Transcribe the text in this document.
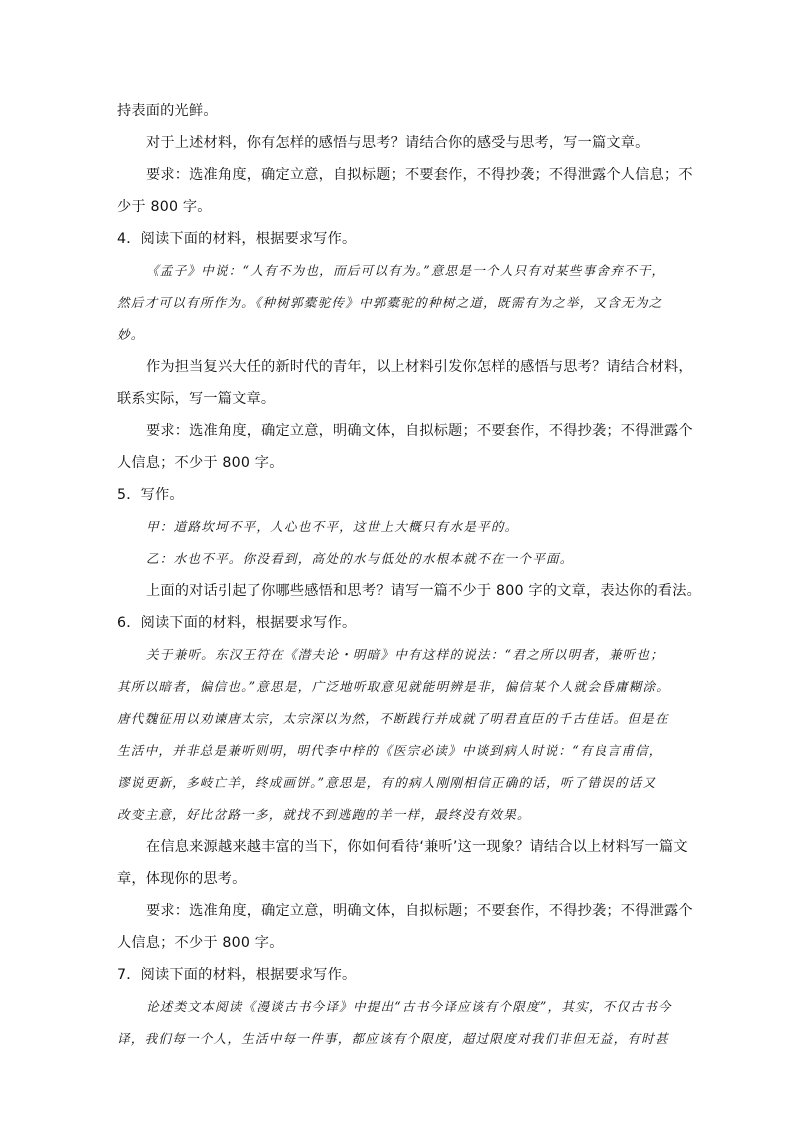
持表面的光鲜。
对于上述材料，你有怎样的感悟与思考？请结合你的感受与思考，写一篇文章。
要求：选准角度，确定立意，自拟标题；不要套作，不得抄袭；不得泄露个人信息；不
少于 800 字。
4．阅读下面的材料，根据要求写作。
《孟子》中说：“人有不为也，而后可以有为。”意思是一个人只有对某些事舍弃不干，
然后才可以有所作为。《种树郭橐驼传》中郭橐驼的种树之道，既需有为之举，又含无为之
妙。
作为担当复兴大任的新时代的青年，以上材料引发你怎样的感悟与思考？请结合材料，
联系实际，写一篇文章。
要求：选准角度，确定立意，明确文体，自拟标题；不要套作，不得抄袭；不得泄露个
人信息；不少于 800 字。
5．写作。
甲：道路坎坷不平，人心也不平，这世上大概只有水是平的。
乙：水也不平。你没看到，高处的水与低处的水根本就不在一个平面。
上面的对话引起了你哪些感悟和思考？请写一篇不少于 800 字的文章，表达你的看法。
6．阅读下面的材料，根据要求写作。
关于兼听。东汉王符在《潜夫论・明暗》中有这样的说法：“君之所以明者，兼听也；
其所以暗者，偏信也。”意思是，广泛地听取意见就能明辨是非，偏信某个人就会昏庸糊涂。
唐代魏征用以劝谏唐太宗，太宗深以为然，不断践行并成就了明君直臣的千古佳话。但是在
生活中，并非总是兼听则明，明代李中梓的《医宗必读》中谈到病人时说：“有良言甫信，
谬说更新，多岐亡羊，终成画饼。”意思是，有的病人刚刚相信正确的话，听了错误的话又
改变主意，好比岔路一多，就找不到逃跑的羊一样，最终没有效果。
在信息来源越来越丰富的当下，你如何看待‘兼听’这一现象？请结合以上材料写一篇文
章，体现你的思考。
要求：选准角度，确定立意，明确文体，自拟标题；不要套作，不得抄袭；不得泄露个
人信息；不少于 800 字。
7．阅读下面的材料，根据要求写作。
论述类文本阅读《漫谈古书今译》中提出“古书今译应该有个限度”，其实，不仅古书今
译，我们每一个人，生活中每一件事，都应该有个限度，超过限度对我们非但无益，有时甚
